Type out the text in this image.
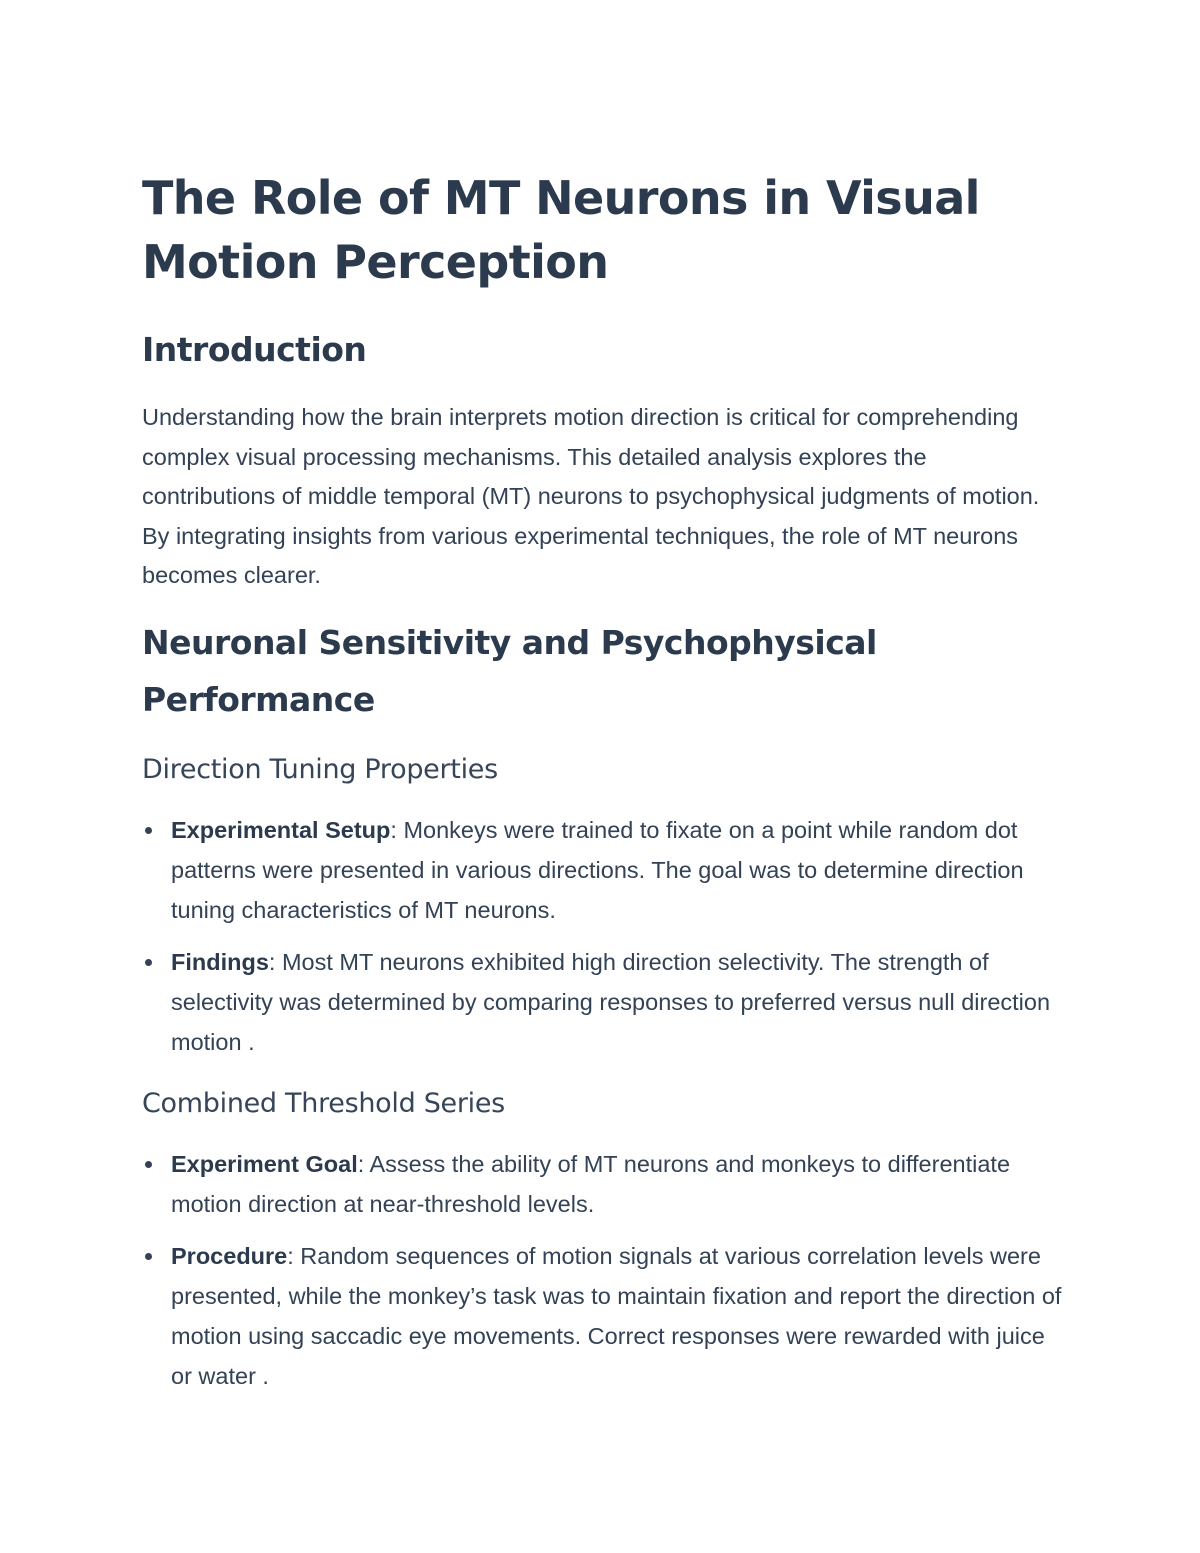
The Role of MT Neurons in Visual Motion Perception
Introduction

Understanding how the brain interprets motion direction is critical for comprehending complex visual processing mechanisms. This detailed analysis explores the contributions of middle temporal (MT) neurons to psychophysical judgments of motion. By integrating insights from various experimental techniques, the role of MT neurons becomes clearer.

Neuronal Sensitivity and Psychophysical Performance
Direction Tuning Properties
Experimental Setup: Monkeys were trained to fixate on a point while random dot patterns were presented in various directions. The goal was to determine direction tuning characteristics of MT neurons.
Findings: Most MT neurons exhibited high direction selectivity. The strength of selectivity was determined by comparing responses to preferred versus null direction motion .
Combined Threshold Series
Experiment Goal: Assess the ability of MT neurons and monkeys to differentiate motion direction at near-threshold levels.
Procedure: Random sequences of motion signals at various correlation levels were presented, while the monkey’s task was to maintain fixation and report the direction of motion using saccadic eye movements. Correct responses were rewarded with juice or water .
